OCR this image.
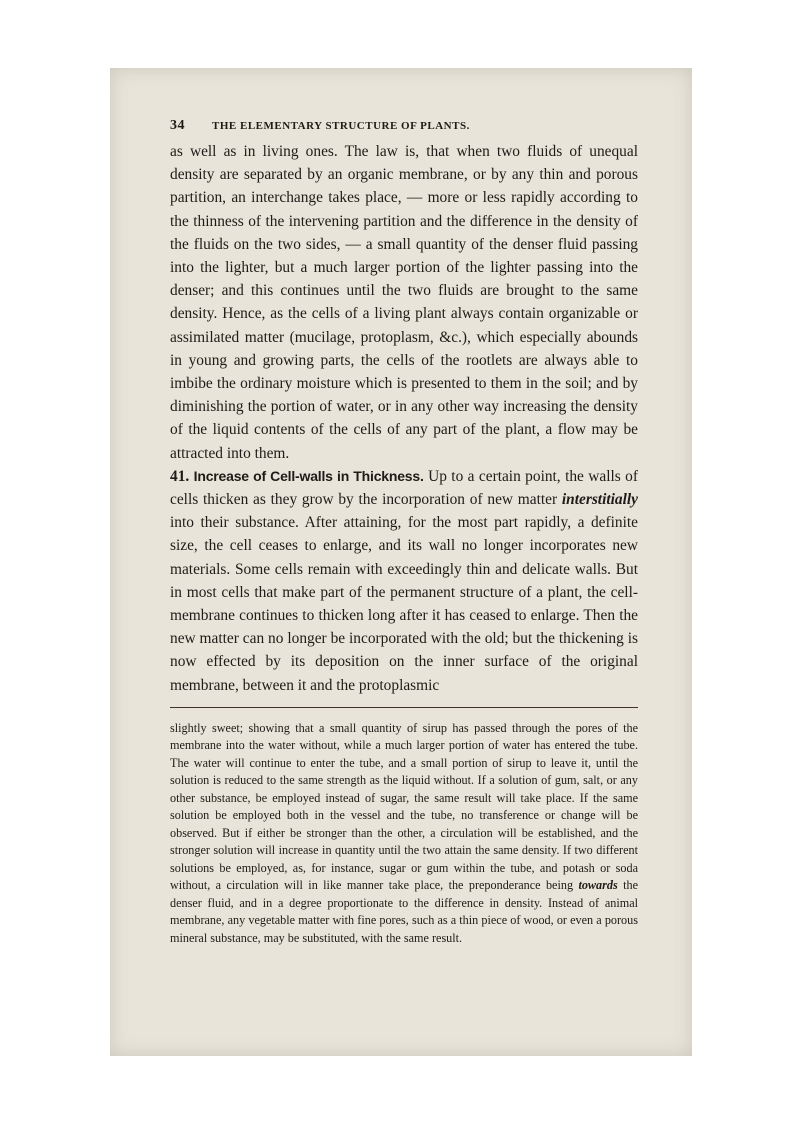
34	THE ELEMENTARY STRUCTURE OF PLANTS.

as well as in living ones. The law is, that when two fluids of unequal density are separated by an organic membrane, or by any thin and porous partition, an interchange takes place, — more or less rapidly according to the thinness of the intervening partition and the difference in the density of the fluids on the two sides, — a small quantity of the denser fluid passing into the lighter, but a much larger portion of the lighter passing into the denser; and this continues until the two fluids are brought to the same density. Hence, as the cells of a living plant always contain organizable or assimilated matter (mucilage, protoplasm, &c.), which especially abounds in young and growing parts, the cells of the rootlets are always able to imbibe the ordinary moisture which is presented to them in the soil; and by diminishing the portion of water, or in any other way increasing the density of the liquid contents of the cells of any part of the plant, a flow may be attracted into them.

41. Increase of Cell-walls in Thickness. Up to a certain point, the walls of cells thicken as they grow by the incorporation of new matter interstitially into their substance. After attaining, for the most part rapidly, a definite size, the cell ceases to enlarge, and its wall no longer incorporates new materials. Some cells remain with exceedingly thin and delicate walls. But in most cells that make part of the permanent structure of a plant, the cell-membrane continues to thicken long after it has ceased to enlarge. Then the new matter can no longer be incorporated with the old; but the thickening is now effected by its deposition on the inner surface of the original membrane, between it and the protoplasmic

slightly sweet; showing that a small quantity of sirup has passed through the pores of the membrane into the water without, while a much larger portion of water has entered the tube. The water will continue to enter the tube, and a small portion of sirup to leave it, until the solution is reduced to the same strength as the liquid without. If a solution of gum, salt, or any other substance, be employed instead of sugar, the same result will take place. If the same solution be employed both in the vessel and the tube, no transference or change will be observed. But if either be stronger than the other, a circulation will be established, and the stronger solution will increase in quantity until the two attain the same density. If two different solutions be employed, as, for instance, sugar or gum within the tube, and potash or soda without, a circulation will in like manner take place, the preponderance being towards the denser fluid, and in a degree proportionate to the difference in density. Instead of animal membrane, any vegetable matter with fine pores, such as a thin piece of wood, or even a porous mineral substance, may be substituted, with the same result.
